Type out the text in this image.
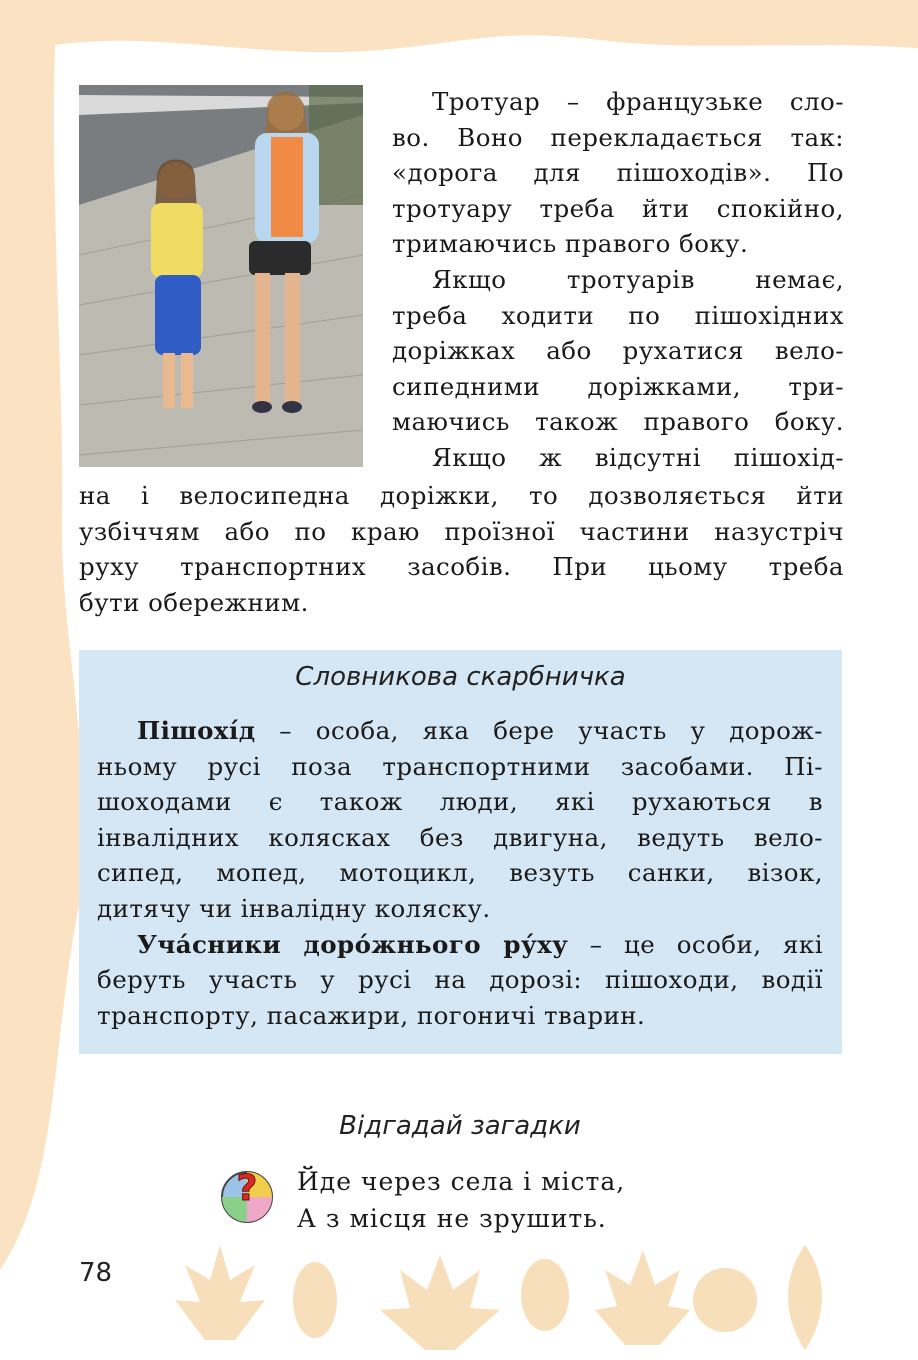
Тротуар – французьке сло-
во. Воно перекладається так:
«дорога для пішоходів». По
тротуару треба йти спокійно,
тримаючись правого боку.
Якщо тротуарів немає,
треба ходити по пішохідних
доріжках або рухатися вело-
сипедними доріжками, три-
маючись також правого боку.
Якщо ж відсутні пішохід-
на і велосипедна доріжки, то дозволяється йти
узбіччям або по краю проїзної частини назустріч
руху транспортних засобів. При цьому треба
бути обережним.
Словникова скарбничка
Пішохі́д – особа, яка бере участь у дорож-
ньому русі поза транспортними засобами. Пі-
шоходами є також люди, які рухаються в
інвалідних колясках без двигуна, ведуть вело-
сипед, мопед, мотоцикл, везуть санки, візок,
дитячу чи інвалідну коляску.
Уча́сники доро́жнього ру́ху – це особи, які
беруть участь у русі на дорозі: пішоходи, водії
транспорту, пасажири, погоничі тварин.
Відгадай загадки
? Йде через села і міста,
А з місця не зрушить.
78
